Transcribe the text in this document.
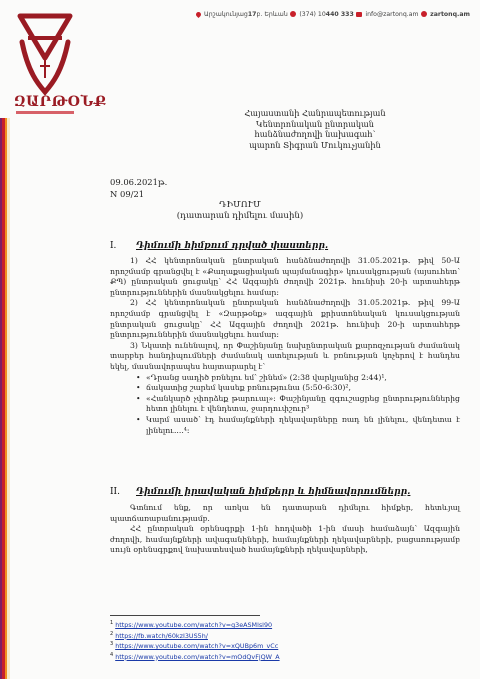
Արշակունյաց 17 բ. Երևան (374) 10 440 333 info@zartonq.am zartonq.am
ԶԱՐԹՕՆՔ
Հայաստանի Հանրապետության
Կենտրոնական ընտրական
հանձնաժողովի նախագահ՝
պարոն Տիգրան Մուկուչյանին
09.06.2021թ.
N 09/21
ԴԻՄՈՒՄ
(դատարան դիմելու մասին)
I. Դիմումի հիմքում դրված փաստերը.

1) ՀՀ կենտրոնական ընտրական հանձնաժողովի 31.05.2021թ. թիվ 50-Ա որոշմամբ գրանցվել է «Քաղաքացիական պայմանագիր» կուսակցության (այսուհետ՝ ՔՊ) ընտրական ցուցակը՝ ՀՀ Ազգային ժողովի 2021թ. հունիսի 20-ի արտահերթ ընտրություններին մասնակցելու համար։

2) ՀՀ կենտրոնական ընտրական հանձնաժողովի 31.05.2021թ. թիվ 99-Ա որոշմամբ գրանցվել է «Զարթօնք» ազգային քրիստոնեական կուսակցության ընտրական ցուցակը՝ ՀՀ Ազգային ժողովի 2021թ. հունիսի 20-ի արտահերթ ընտրություններին մասնակցելու համար։

3) Նկատի ունենալով, որ Փաշինյանը նախընտրական քարոզչության ժամանակ տարբեր հանդիպումների ժամանակ ատելության և բռնության կոչերով է հանդես եկել, մասնավորապես հայտարարել է՝

• «Դրանց սադիծ բռնելու եմ՝ շինեմ» (2:38 վարկյանից 2:44)¹,
• ճակատից շարեմ կասեք բռնությունա (5:50-6:30)²,
• «Հանկարծ չփորձեք թարուալ»։ Փաշինյանը զգուշացրեց ընտրություններից հետո լինելու է վենդետա, ջարդուփշուր³
• Կարմ ասած՝ էդ համայնքների ղեկավարները ռադ են լինելու, վենդետա է լինելու....⁴:
II. Դիմումի իրավական հիմքերը և հիմնավորումները.

Գտնում ենք, որ առկա են դատարան դիմելու հիմքեր, հետևյալ պատճառաբանությամբ.

ՀՀ ընտրական օրենսգրքի 1-ին հոդվածի 1-ին մասի համաձայն՝ Ազգային ժողովի, համայնքների ավագանիների, համայնքների ղեկավարների, բացառությամբ սույն օրենսգրքով նախատեսված համայնքների ղեկավարների,

$^1$ https://www.youtube.com/watch?v=g3eASMlsl90
$^2$ https://fb.watch/60kzI3US5h/
$^3$ https://www.youtube.com/watch?v=xQUBp6m_vCc
$^4$ https://www.youtube.com/watch?v=mOdQvFjQW_A
